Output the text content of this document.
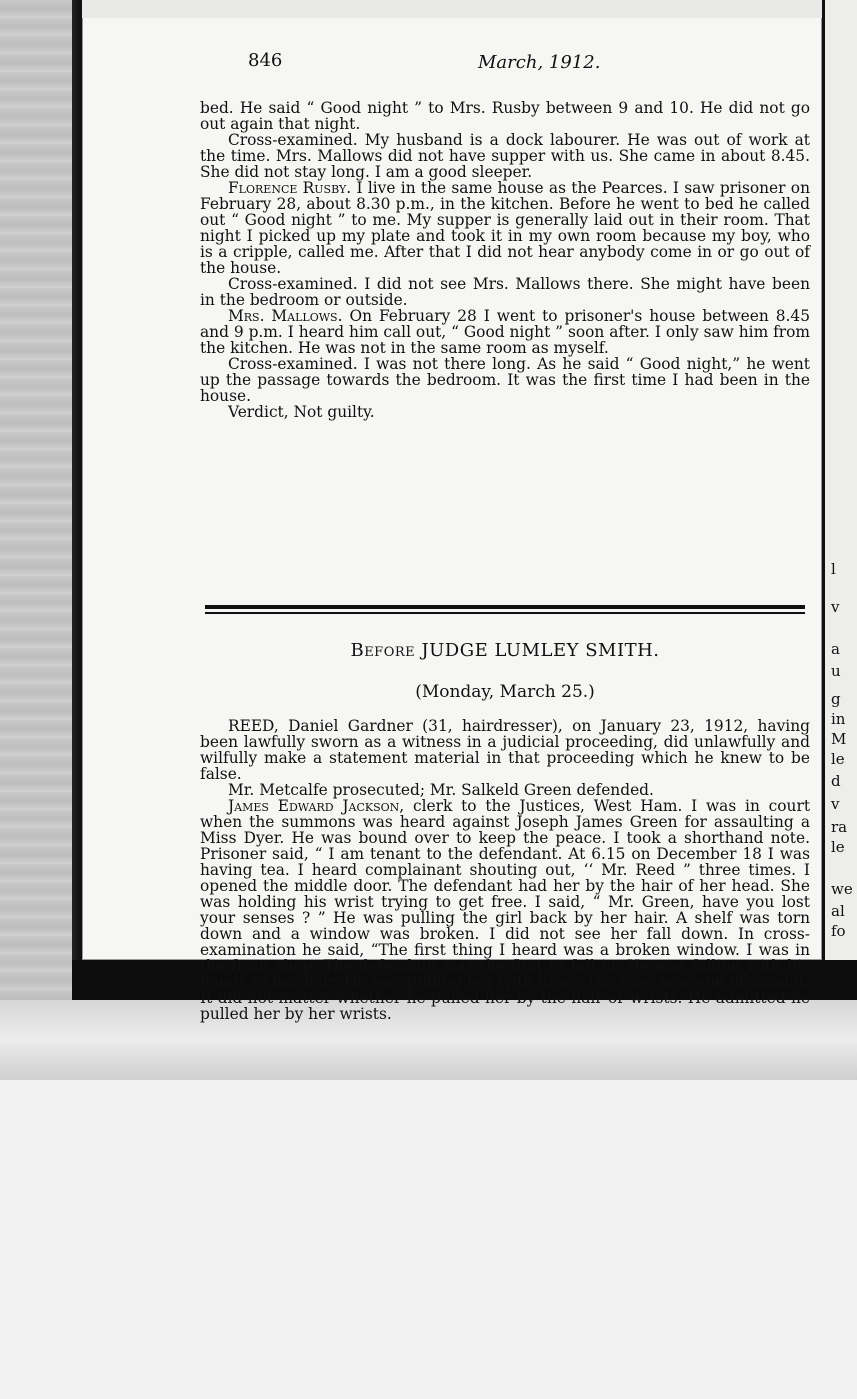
l
v
a
u
g
in
M
le
d
v
ra
le
we
al
fo
846	March, 1912.

bed. He said “ Good night ” to Mrs. Rusby between 9 and 10. He did not go out again that night.

Cross-examined. My husband is a dock labourer. He was out of work at the time. Mrs. Mallows did not have supper with us. She came in about 8.45. She did not stay long. I am a good sleeper.

Florence Rusby. I live in the same house as the Pearces. I saw prisoner on February 28, about 8.30 p.m., in the kitchen. Before he went to bed he called out “ Good night ” to me. My supper is generally laid out in their room. That night I picked up my plate and took it in my own room because my boy, who is a cripple, called me. After that I did not hear anybody come in or go out of the house.

Cross-examined. I did not see Mrs. Mallows there. She might have been in the bedroom or outside.

Mrs. Mallows. On February 28 I went to prisoner's house between 8.45 and 9 p.m. I heard him call out, “ Good night ” soon after. I only saw him from the kitchen. He was not in the same room as myself.

Cross-examined. I was not there long. As he said “ Good night,” he went up the passage towards the bedroom. It was the first time I had been in the house.

Verdict, Not guilty.

Before JUDGE LUMLEY SMITH.
(Monday, March 25.)

REED, Daniel Gardner (31, hairdresser), on January 23, 1912, having been lawfully sworn as a witness in a judicial proceeding, did unlawfully and wilfully make a statement material in that proceeding which he knew to be false.

Mr. Metcalfe prosecuted; Mr. Salkeld Green defended.

James Edward Jackson, clerk to the Justices, West Ham. I was in court when the summons was heard against Joseph James Green for assaulting a Miss Dyer. He was bound over to keep the peace. I took a shorthand note. Prisoner said, “ I am tenant to the defendant. At 6.15 on December 18 I was having tea. I heard complainant shouting out, ‘‘ Mr. Reed ” three times. I opened the middle door. The defendant had her by the hair of her head. She was holding his wrist trying to get free. I said, “ Mr. Green, have you lost your senses ? ” He was pulling the girl back by her hair. A shelf was torn down and a window was broken. I did not see her fall down. In cross-examination he said, “The first thing I heard was a broken window. I was in the front shop. The defendant was the first to fall in. He was falling with his hands in her hair. He was pulling her with him.” The case was one of assault. It did not matter whether he pulled her by the hair or wrists. He admitted he pulled her by her wrists.
